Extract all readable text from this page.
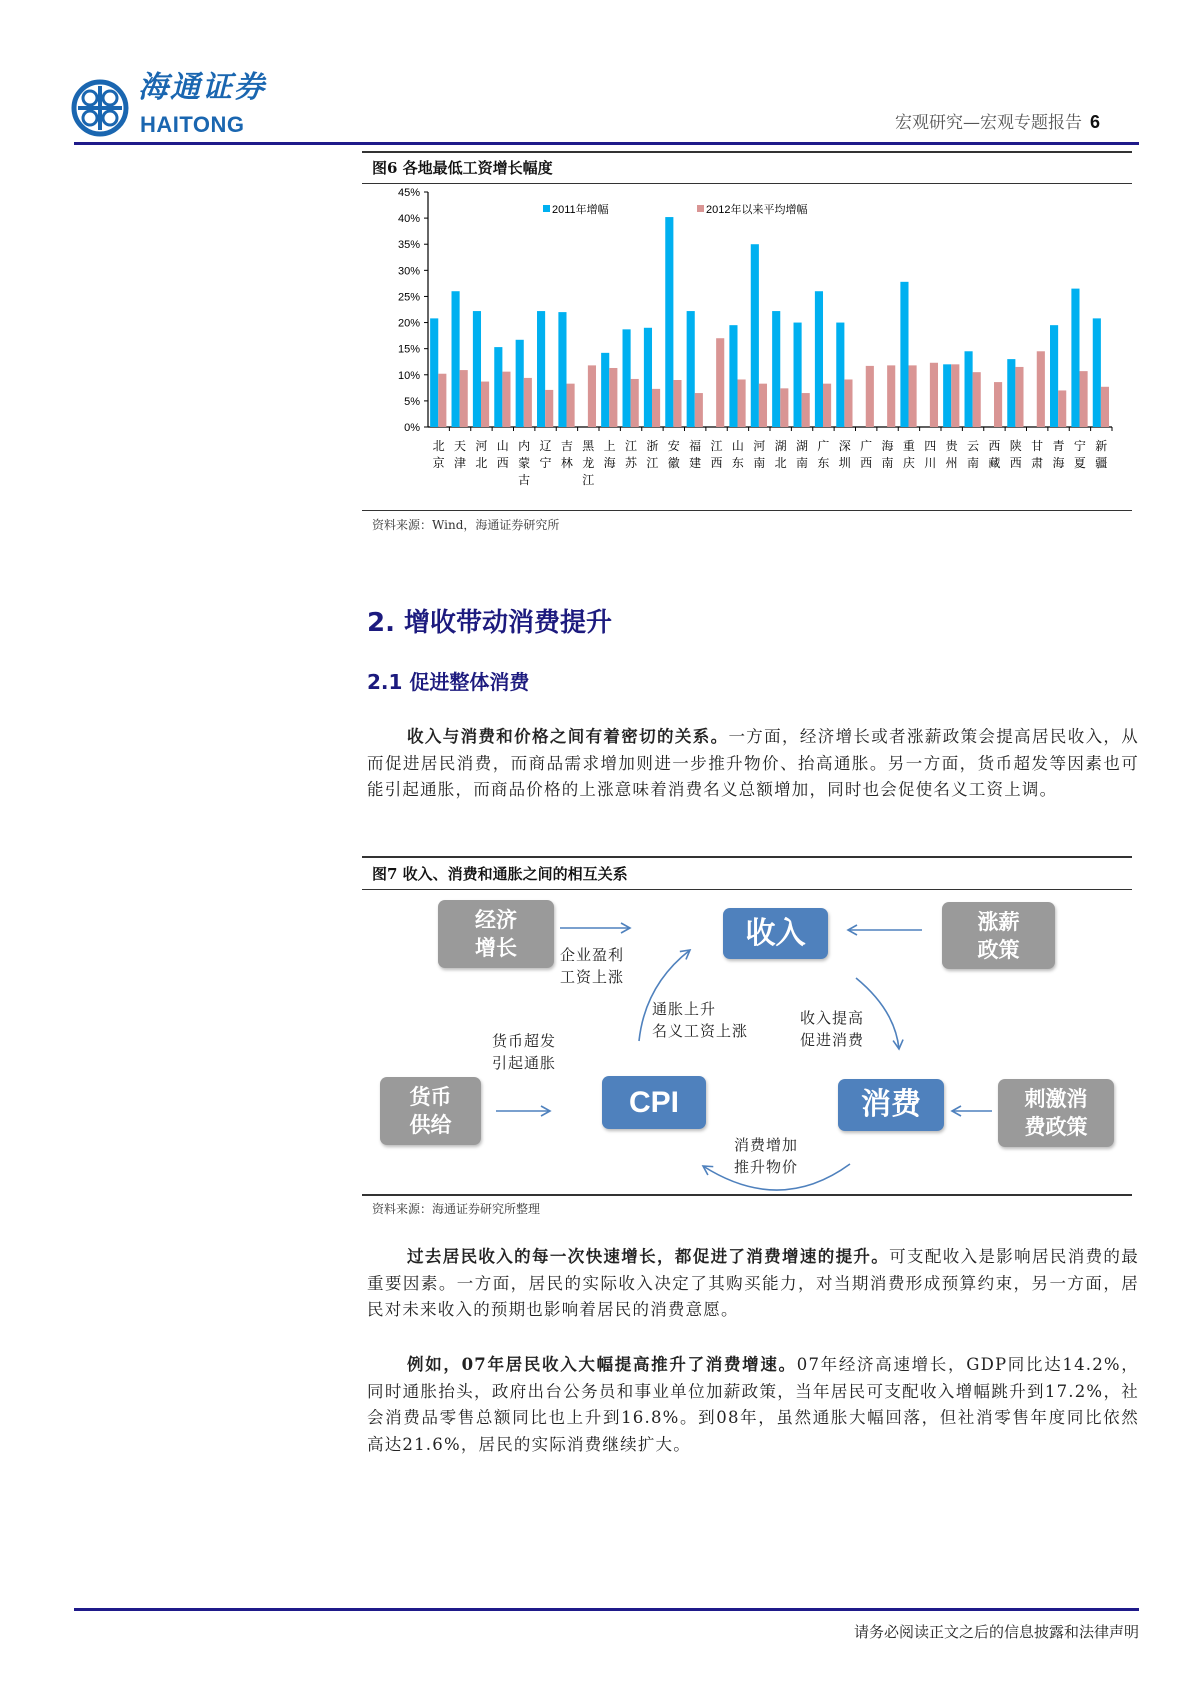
海通证券
HAITONG	宏观研究—宏观专题报告 6
图6 各地最低工资增长幅度
0%
5%
10%
15%
20%
25%
30%
35%
40%
45%
北
京
天
津
河
北
山
西
内
蒙
古
辽
宁
吉
林
黑
龙
江
上
海
江
苏
浙
江
安
徽
福
建
江
西
山
东
河
南
湖
北
湖
南
广
东
深
圳
广
西
海
南
重
庆
四
川
贵
州
云
南
西
藏
陕
西
甘
肃
青
海
宁
夏
新
疆
2011年增幅	2012年以来平均增幅
资料来源：Wind，海通证券研究所
2. 增收带动消费提升
2.1 促进整体消费
收入与消费和价格之间有着密切的关系。一方面，经济增长或者涨薪政策会提高居民收入，从而促进居民消费，而商品需求增加则进一步推升物价、抬高通胀。另一方面，货币超发等因素也可能引起通胀，而商品价格的上涨意味着消费名义总额增加，同时也会促使名义工资上调。
图7 收入、消费和通胀之间的相互关系
经济增长	收入	涨薪政策
货币供给
CPI	消费	刺激消费政策
企业盈利
工资上涨
通胀上升
名义工资上涨
收入提高
促进消费
货币超发
引起通胀
消费增加
推升物价
资料来源：海通证券研究所整理
过去居民收入的每一次快速增长，都促进了消费增速的提升。可支配收入是影响居民消费的最重要因素。一方面，居民的实际收入决定了其购买能力，对当期消费形成预算约束，另一方面，居民对未来收入的预期也影响着居民的消费意愿。
例如，07年居民收入大幅提高推升了消费增速。07年经济高速增长，GDP同比达14.2%，同时通胀抬头，政府出台公务员和事业单位加薪政策，当年居民可支配收入增幅跳升到17.2%，社会消费品零售总额同比也上升到16.8%。到08年，虽然通胀大幅回落，但社消零售年度同比依然高达21.6%，居民的实际消费继续扩大。
请务必阅读正文之后的信息披露和法律声明
